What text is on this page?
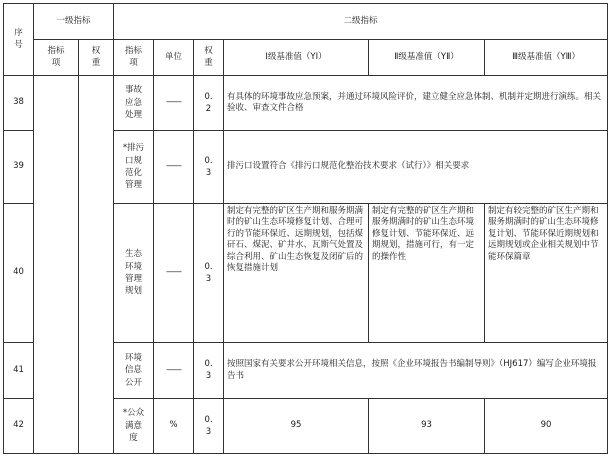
序号	一级指标		二级指标					
	指标项	权重	指标项	单位	权重	Ⅰ级基准值（YⅠ）	Ⅱ级基准值（YⅡ）	Ⅲ级基准值（YⅢ）
38			事故应急处理	——	0.2	有具体的环境事故应急预案，并通过环境风险评价，建立健全应急体制、机制并定期进行演练。相关验收、审查文件合格		
39			*排污口规范化管理	——	0.3	排污口设置符合《排污口规范化整治技术要求（试行）》相关要求		
40			生态环境管理规划	——	0.3	制定有完整的矿区生产期和服务期满时的矿山生态环境修复计划、合理可行的节能环保近、远期规划，包括煤矸石、煤泥、矿井水、瓦斯气处置及综合利用、矿山生态恢复及闭矿后的恢复措施计划	制定有完整的矿区生产期和服务期满时的矿山生态环境修复计划、节能环保近、远期规划，措施可行，有一定的操作性	制定有较完整的矿区生产期和服务期满时的矿山生态环境修复计划、节能环保近期规划和远期规划或企业相关规划中节能环保篇章
41			环境信息公开	——	0.3	按照国家有关要求公开环境相关信息，按照《企业环境报告书编制导则》（HJ617）编写企业环境报告书		
42			*公众满意度	%	0.3	95	93	90
